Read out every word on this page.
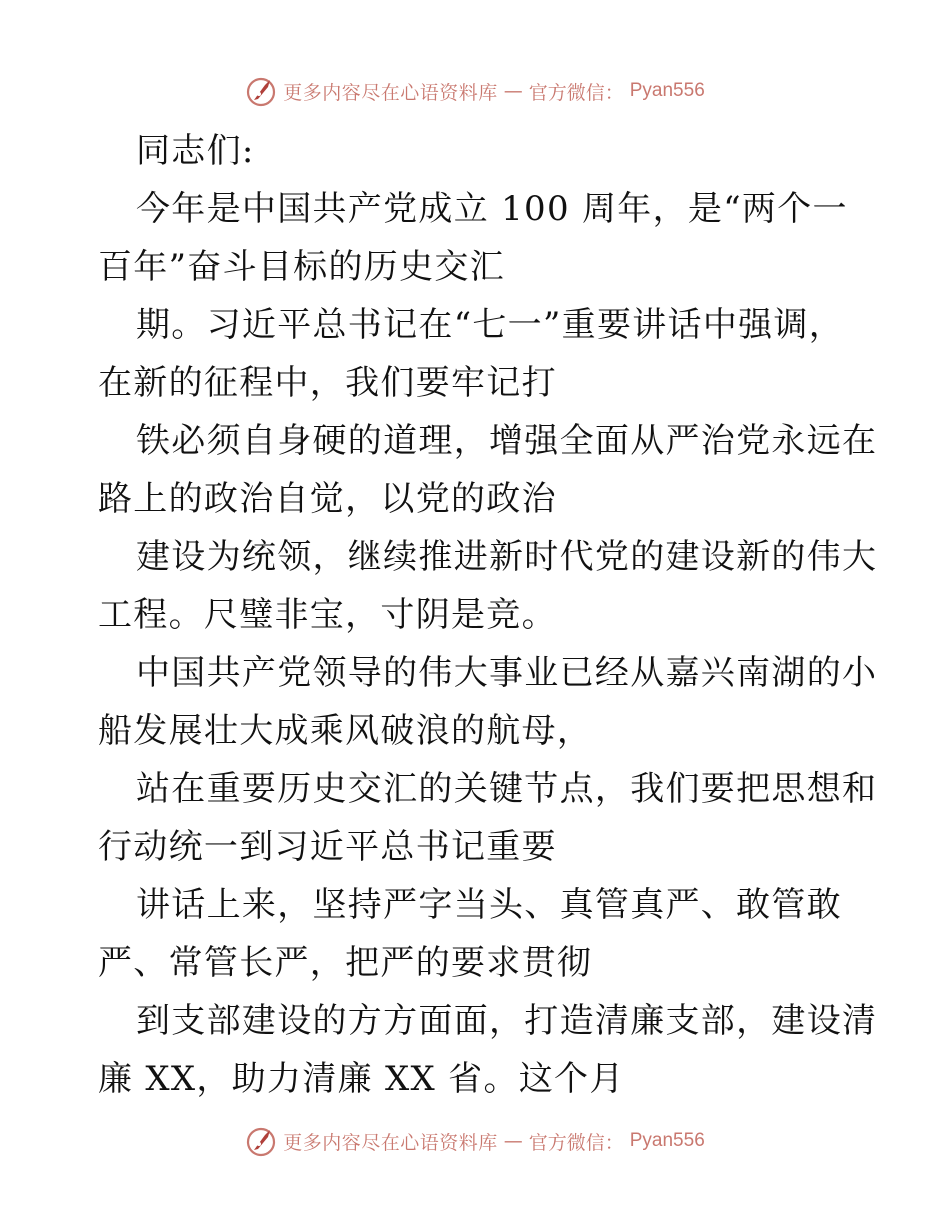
更多内容尽在心语资料库 — 官方微信： Pyan556
同志们:
今年是中国共产党成立 100 周年，是“两个一
百年”奋斗目标的历史交汇
期。习近平总书记在“七一”重要讲话中强调，
在新的征程中，我们要牢记打
铁必须自身硬的道理，增强全面从严治党永远在
路上的政治自觉，以党的政治
建设为统领，继续推进新时代党的建设新的伟大
工程。尺璧非宝，寸阴是竞。
中国共产党领导的伟大事业已经从嘉兴南湖的小
船发展壮大成乘风破浪的航母，
站在重要历史交汇的关键节点，我们要把思想和
行动统一到习近平总书记重要
讲话上来，坚持严字当头、真管真严、敢管敢
严、常管长严，把严的要求贯彻
到支部建设的方方面面，打造清廉支部，建设清
廉 XX，助力清廉 XX 省。这个月
更多内容尽在心语资料库 — 官方微信： Pyan556
